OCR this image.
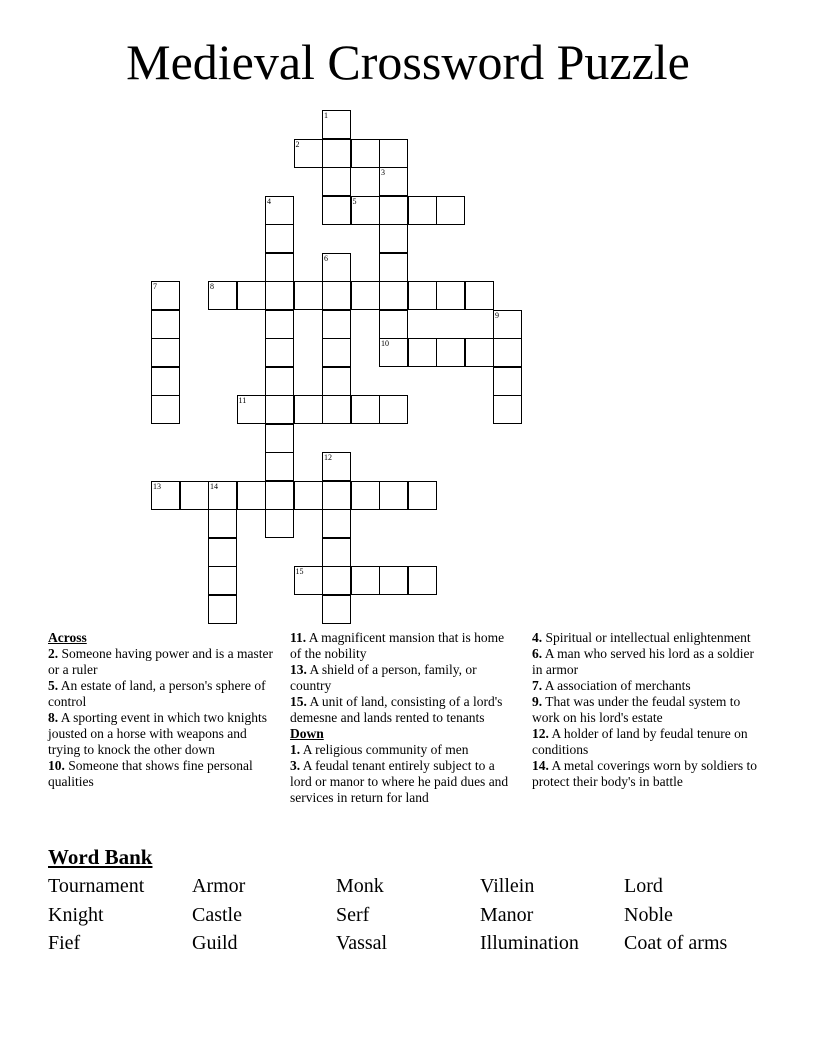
Medieval Crossword Puzzle
1
2
3
4	5
6
7	8
9
10
11
12
13	14
15
Across
2. Someone having power and is a master or a ruler
5. An estate of land, a person's sphere of control
8. A sporting event in which two knights jousted on a horse with weapons and trying to knock the other down
10. Someone that shows fine personal qualities
11. A magnificent mansion that is home of the nobility
13. A shield of a person, family, or country
15. A unit of land, consisting of a lord's demesne and lands rented to tenants
Down
1. A religious community of men
3. A feudal tenant entirely subject to a lord or manor to where he paid dues and services in return for land
4. Spiritual or intellectual enlightenment
6. A man who served his lord as a soldier in armor
7. A association of merchants
9. That was under the feudal system to work on his lord's estate
12. A holder of land by feudal tenure on conditions
14. A metal coverings worn by soldiers to protect their body's in battle
Word Bank
Tournament Armor	Monk	Villein	Lord
Knight	Castle	Serf	Manor	Noble
Fief	Guild	Vassal	Illumination Coat of arms
